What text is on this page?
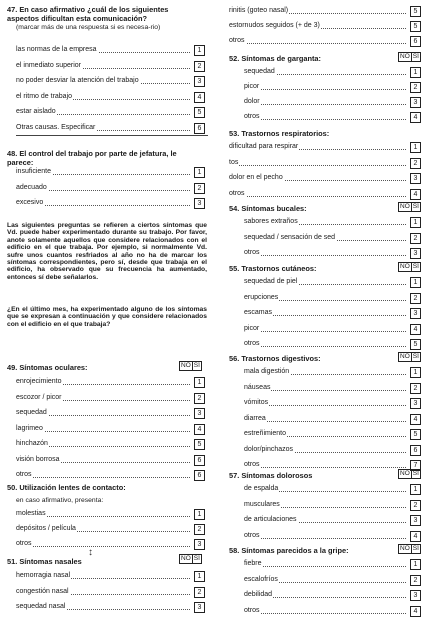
47. En caso afirmativo ¿cuál de los siguientes aspectos dificultan esta comunicación?
(marcar más de una respuesta si es necesa-rio)
las normas de la empresa	1
el inmediato superior	2
no poder desviar la atención del trabajo	3
el ritmo de trabajo	4
estar aislado	5
Otras causas. Especificar	6
48. El control del trabajo por parte de jefatura, le parece:
insuficiente	1
adecuado	2
excesivo	3
Las siguientes preguntas se refieren a ciertos síntomas que Vd. puede haber experimentado durante su trabajo. Por favor, anote solamente aquellos que considere relacionados con el edificio en el que trabaja. Por ejemplo, si normalmente Vd. sufre unos cuantos resfriados al año no ha de marcar los síntomas correspondientes, pero sí, desde que trabaja en el edificio, ha observado que su frecuencia ha aumentado, entonces sí debe señalarlos.
¿En el último mes, ha experimentado alguno de los síntomas que se expresan a continuación y que considere relacionados con el edificio en el que trabaja?
49. Síntomas oculares:	NO SÍ
enrojecimiento	1
escozor / picor	2
sequedad	3
lagrimeo	4
hinchazón	5
visión borrosa	6
otros	6
50. Utilización lentes de contacto:
en caso afirmativo, presenta:
molestias	1
depósitos / película	2
otros	3
51. Síntomas nasales	NO SÍ
hemorragia nasal	1
congestión nasal	2
sequedad nasal	3
↕
rinitis (goteo nasal)	5
estornudos seguidos (+ de 3)	5
otros	6
52. Síntomas de garganta:	NO SÍ
sequedad	1
picor	2
dolor	3
otros	4
53. Trastornos respiratorios:
dificultad para respirar	1
tos	2
dolor en el pecho	3
otros	4
54. Síntomas bucales:	NO SÍ
sabores extraños	1
sequedad / sensación de sed	2
otros	3
55. Trastornos cutáneos:	NO SÍ
sequedad de piel	1
erupciones	2
escamas	3
picor	4
otros	5
56. Trastornos digestivos:	NO SÍ
mala digestión	1
náuseas	2
vómitos	3
diarrea	4
estreñimiento	5
dolor/pinchazos	6
otros	7
57. Síntomas dolorosos	NO SÍ
de espalda	1
musculares	2
de articulaciones	3
otros	4
58. Síntomas parecidos a la gripe:	NO SÍ
fiebre	1
escalofríos	2
debilidad	3
otros	4
